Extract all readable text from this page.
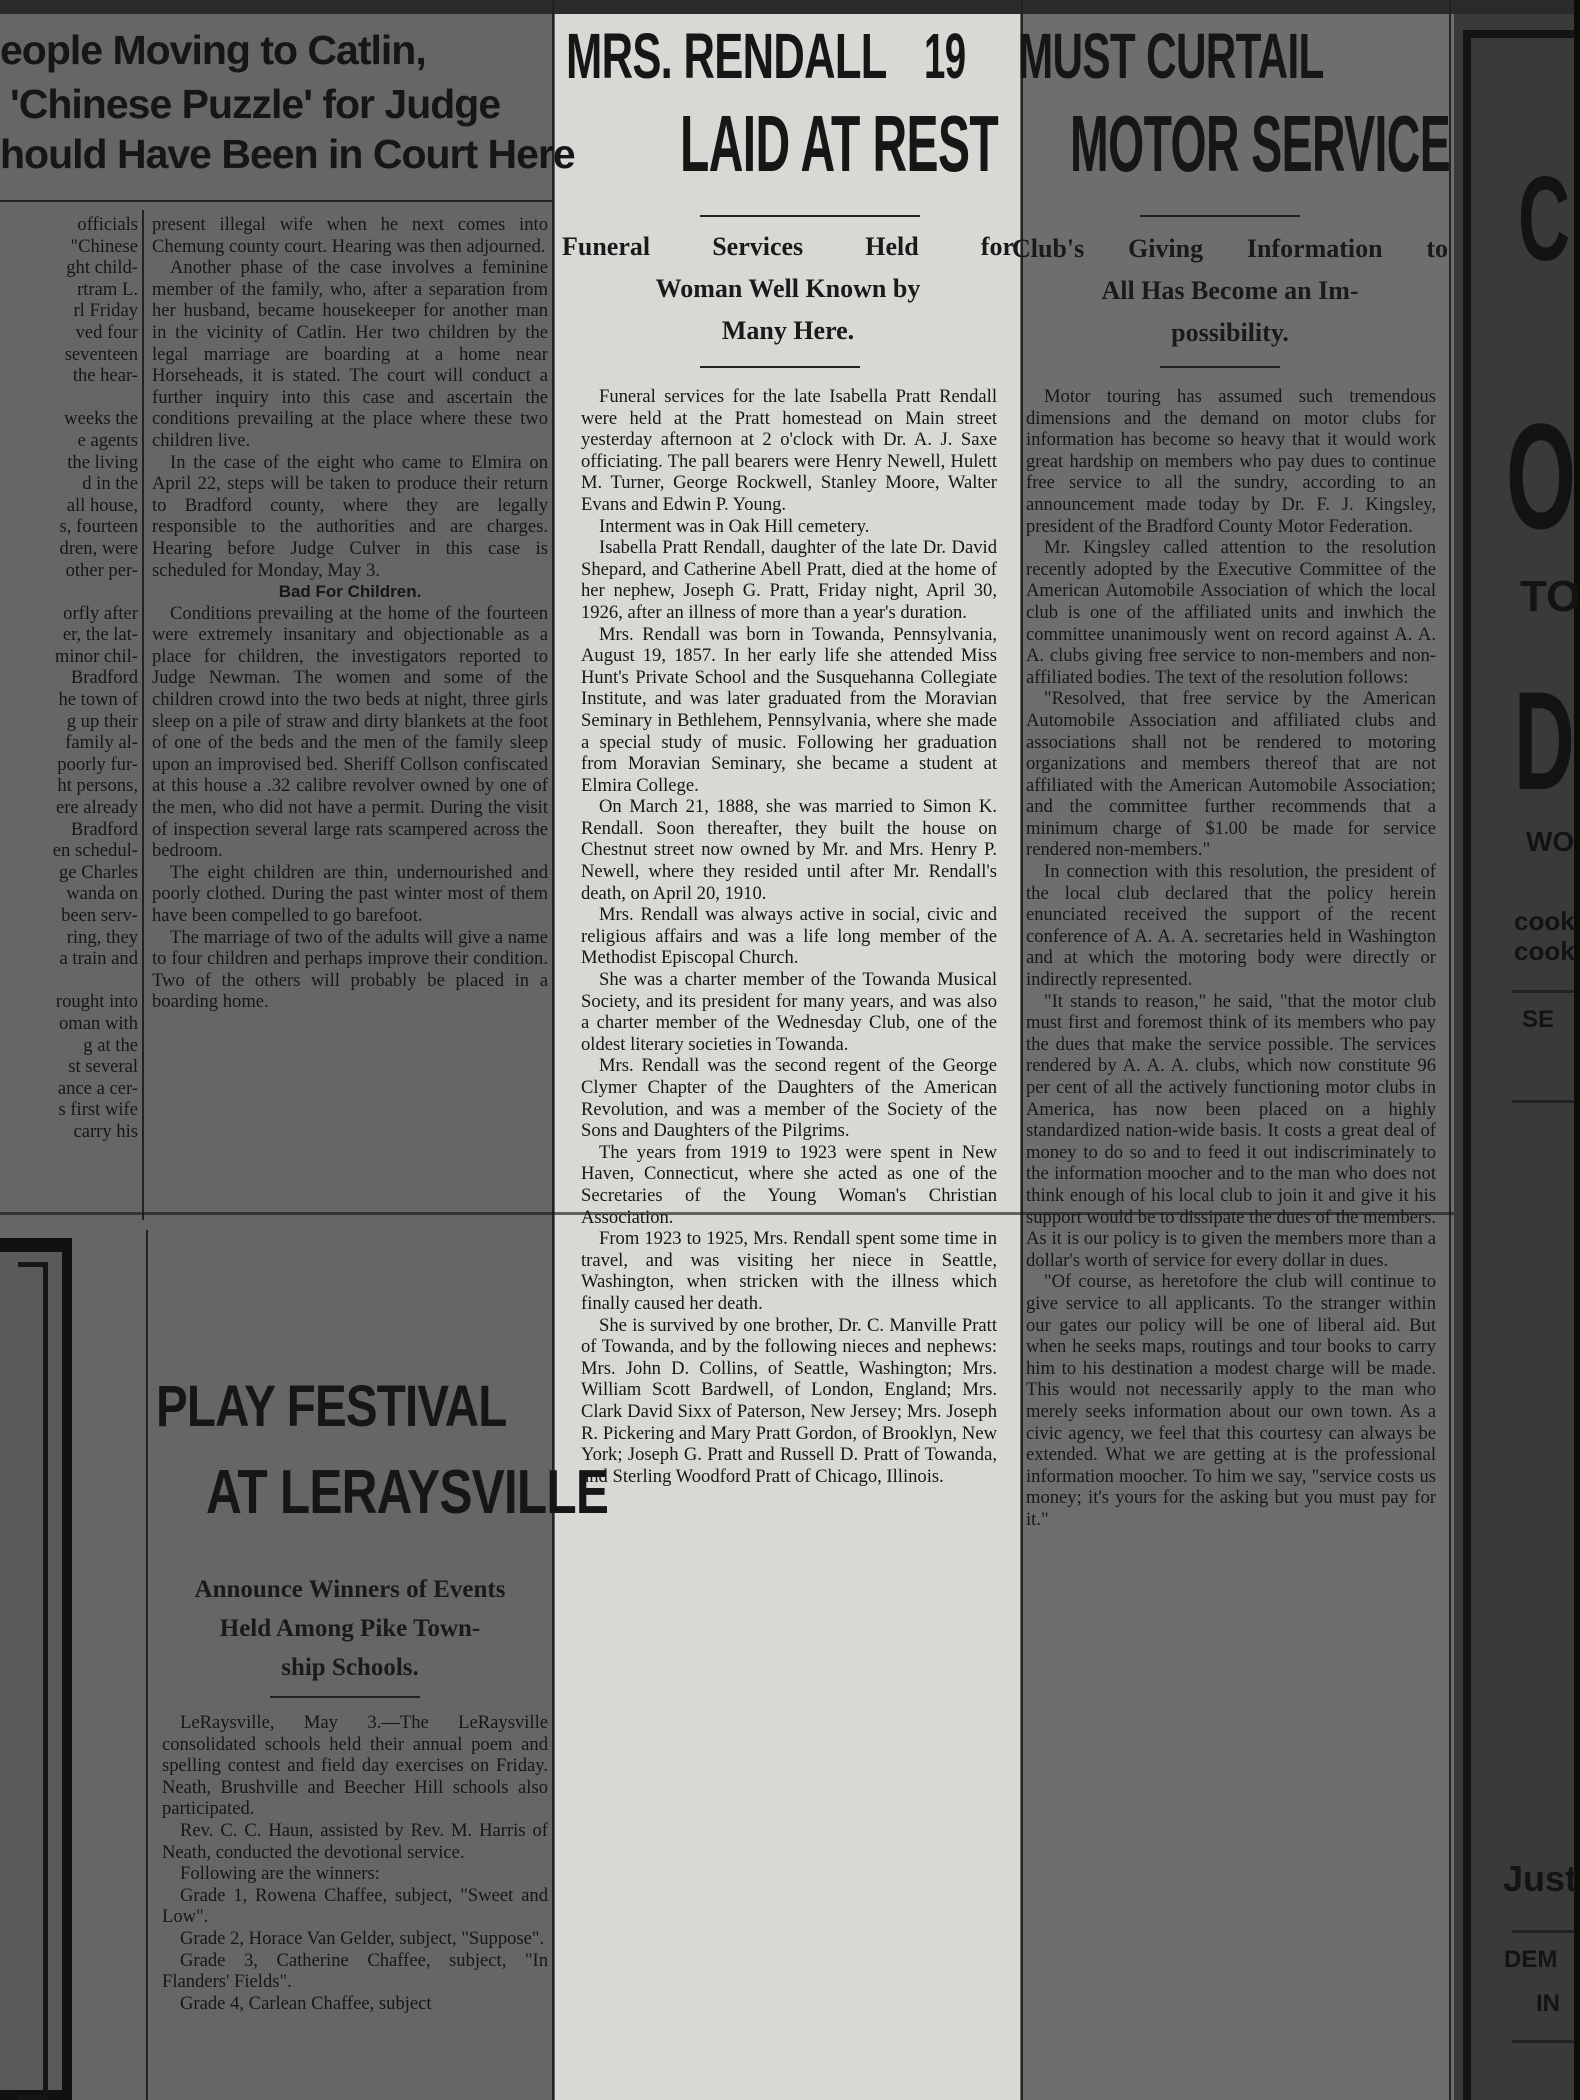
eople Moving to Catlin,
'Chinese Puzzle' for Judge
hould Have Been in Court Here
officials
"Chinese
ght child-
rtram L.
rl Friday
ved four
seventeen
the hear-

weeks the
e agents
the living
d in the
all house,
s, fourteen
dren, were
other per-

orfly after
er, the lat-
minor chil-
Bradford
he town of
g up their
family al-
poorly fur-
ht persons,
ere already
Bradford
en schedul-
ge Charles
wanda on
been serv-
ring, they
a train and

rought into
oman with
g at the
st several
ance a cer-
s first wife
carry his

present illegal wife when he next comes into Chemung county court. Hearing was then adjourned.

Another phase of the case involves a feminine member of the family, who, after a separation from her husband, became housekeeper for another man in the vicinity of Catlin. Her two children by the legal marriage are boarding at a home near Horseheads, it is stated. The court will conduct a further inquiry into this case and ascertain the conditions prevailing at the place where these two children live.

In the case of the eight who came to Elmira on April 22, steps will be taken to produce their return to Bradford county, where they are legally responsible to the authorities and are charges. Hearing before Judge Culver in this case is scheduled for Monday, May 3.

Bad For Children.

Conditions prevailing at the home of the fourteen were extremely insanitary and objectionable as a place for children, the investigators reported to Judge Newman. The women and some of the children crowd into the two beds at night, three girls sleep on a pile of straw and dirty blankets at the foot of one of the beds and the men of the family sleep upon an improvised bed. Sheriff Collson confiscated at this house a .32 calibre revolver owned by one of the men, who did not have a permit. During the visit of inspection several large rats scampered across the bedroom.

The eight children are thin, undernourished and poorly clothed. During the past winter most of them have been compelled to go barefoot.

The marriage of two of the adults will give a name to four children and perhaps improve their condition. Two of the others will probably be placed in a boarding home.

PLAY FESTIVAL
AT LERAYSVILLE
Announce Winners of Events
Held Among Pike Town-
ship Schools.

LeRaysville, May 3.—The LeRaysville consolidated schools held their annual poem and spelling contest and field day exercises on Friday. Neath, Brushville and Beecher Hill schools also participated.

Rev. C. C. Haun, assisted by Rev. M. Harris of Neath, conducted the devotional service.

Following are the winners:

Grade 1, Rowena Chaffee, subject, "Sweet and Low".

Grade 2, Horace Van Gelder, subject, "Suppose".

Grade 3, Catherine Chaffee, subject, "In Flanders' Fields".

Grade 4, Carlean Chaffee, subject

MRS. RENDALL 19
LAID AT REST
Funeral Services Held for
Woman Well Known by
Many Here.

Funeral services for the late Isabella Pratt Rendall were held at the Pratt homestead on Main street yesterday afternoon at 2 o'clock with Dr. A. J. Saxe officiating. The pall bearers were Henry Newell, Hulett M. Turner, George Rockwell, Stanley Moore, Walter Evans and Edwin P. Young.

Interment was in Oak Hill cemetery.

Isabella Pratt Rendall, daughter of the late Dr. David Shepard, and Catherine Abell Pratt, died at the home of her nephew, Joseph G. Pratt, Friday night, April 30, 1926, after an illness of more than a year's duration.

Mrs. Rendall was born in Towanda, Pennsylvania, August 19, 1857. In her early life she attended Miss Hunt's Private School and the Susquehanna Collegiate Institute, and was later graduated from the Moravian Seminary in Bethlehem, Pennsylvania, where she made a special study of music. Following her graduation from Moravian Seminary, she became a student at Elmira College.

On March 21, 1888, she was married to Simon K. Rendall. Soon thereafter, they built the house on Chestnut street now owned by Mr. and Mrs. Henry P. Newell, where they resided until after Mr. Rendall's death, on April 20, 1910.

Mrs. Rendall was always active in social, civic and religious affairs and was a life long member of the Methodist Episcopal Church.

She was a charter member of the Towanda Musical Society, and its president for many years, and was also a charter member of the Wednesday Club, one of the oldest literary societies in Towanda.

Mrs. Rendall was the second regent of the George Clymer Chapter of the Daughters of the American Revolution, and was a member of the Society of the Sons and Daughters of the Pilgrims.

The years from 1919 to 1923 were spent in New Haven, Connecticut, where she acted as one of the Secretaries of the Young Woman's Christian Association.

From 1923 to 1925, Mrs. Rendall spent some time in travel, and was visiting her niece in Seattle, Washington, when stricken with the illness which finally caused her death.

She is survived by one brother, Dr. C. Manville Pratt of Towanda, and by the following nieces and nephews: Mrs. John D. Collins, of Seattle, Washington; Mrs. William Scott Bardwell, of London, England; Mrs. Clark David Sixx of Paterson, New Jersey; Mrs. Joseph R. Pickering and Mary Pratt Gordon, of Brooklyn, New York; Joseph G. Pratt and Russell D. Pratt of Towanda, and Sterling Woodford Pratt of Chicago, Illinois.

MUST CURTAIL
MOTOR SERVICE
Club's Giving Information to
All Has Become an Im-
possibility.

Motor touring has assumed such tremendous dimensions and the demand on motor clubs for information has become so heavy that it would work great hardship on members who pay dues to continue free service to all the sundry, according to an announcement made today by Dr. F. J. Kingsley, president of the Bradford County Motor Federation.

Mr. Kingsley called attention to the resolution recently adopted by the Executive Committee of the American Automobile Association of which the local club is one of the affiliated units and inwhich the committee unanimously went on record against A. A. A. clubs giving free service to non-members and non-affiliated bodies. The text of the resolution follows:

"Resolved, that free service by the American Automobile Association and affiliated clubs and associations shall not be rendered to motoring organizations and members thereof that are not affiliated with the American Automobile Association; and the committee further recommends that a minimum charge of $1.00 be made for service rendered non-members."

In connection with this resolution, the president of the local club declared that the policy herein enunciated received the support of the recent conference of A. A. A. secretaries held in Washington and at which the motoring body were directly or indirectly represented.

"It stands to reason," he said, "that the motor club must first and foremost think of its members who pay the dues that make the service possible. The services rendered by A. A. A. clubs, which now constitute 96 per cent of all the actively functioning motor clubs in America, has now been placed on a highly standardized nation-wide basis. It costs a great deal of money to do so and to feed it out indiscriminately to the information moocher and to the man who does not think enough of his local club to join it and give it his support would be to dissipate the dues of the members. As it is our policy is to given the members more than a dollar's worth of service for every dollar in dues.

"Of course, as heretofore the club will continue to give service to all applicants. To the stranger within our gates our policy will be one of liberal aid. But when he seeks maps, routings and tour books to carry him to his destination a modest charge will be made. This would not necessarily apply to the man who merely seeks information about our own town. As a civic agency, we feel that this courtesy can always be extended. What we are getting at is the professional information moocher. To him we say, "service costs us money; it's yours for the asking but you must pay for it."

C
O
TO
D
WO
cook
cook
SE
Just
DEM
IN
